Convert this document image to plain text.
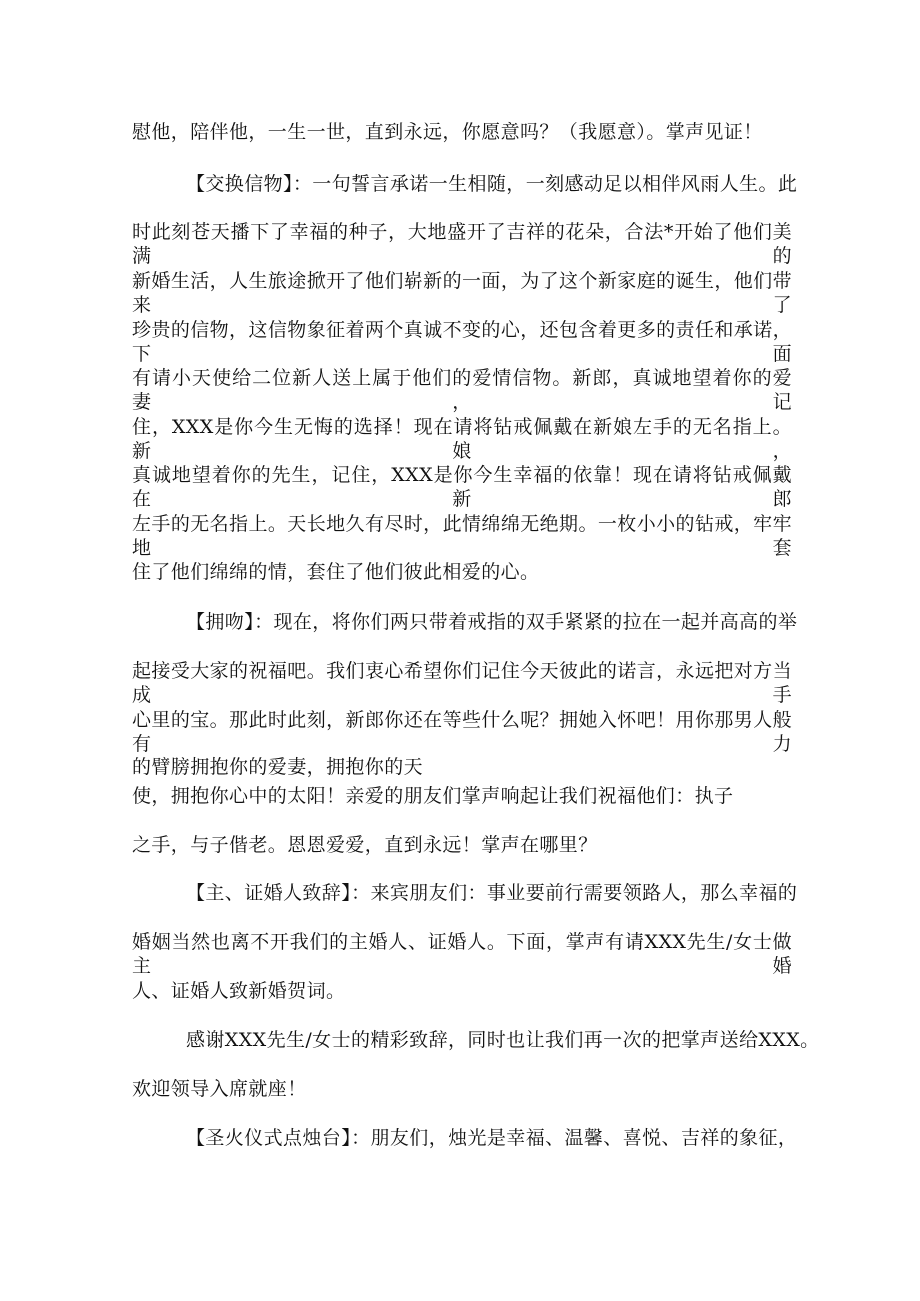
慰他，陪伴他，一生一世，直到永远，你愿意吗？（我愿意）。掌声见证！
【交换信物】：一句誓言承诺一生相随，一刻感动足以相伴风雨人生。此
时此刻苍天播下了幸福的种子，大地盛开了吉祥的花朵，合法*开始了他们美满的
新婚生活，人生旅途掀开了他们崭新的一面，为了这个新家庭的诞生，他们带来了
珍贵的信物，这信物象征着两个真诚不变的心，还包含着更多的责任和承诺，下面
有请小天使给二位新人送上属于他们的爱情信物。新郎，真诚地望着你的爱妻，记
住，XXX是你今生无悔的选择！现在请将钻戒佩戴在新娘左手的无名指上。新娘，
真诚地望着你的先生，记住，XXX是你今生幸福的依靠！现在请将钻戒佩戴在新郎
左手的无名指上。天长地久有尽时，此情绵绵无绝期。一枚小小的钻戒，牢牢地套
住了他们绵绵的情，套住了他们彼此相爱的心。
【拥吻】：现在，将你们两只带着戒指的双手紧紧的拉在一起并高高的举
起接受大家的祝福吧。我们衷心希望你们记住今天彼此的诺言，永远把对方当成手
心里的宝。那此时此刻，新郎你还在等些什么呢？拥她入怀吧！用你那男人般有力
的臂膀拥抱你的爱妻，拥抱你的天
使，拥抱你心中的太阳！亲爱的朋友们掌声响起让我们祝福他们：执子
之手，与子偕老。恩恩爱爱，直到永远！掌声在哪里？
【主、证婚人致辞】：来宾朋友们：事业要前行需要领路人，那么幸福的
婚姻当然也离不开我们的主婚人、证婚人。下面，掌声有请XXX先生/女士做主婚
人、证婚人致新婚贺词。
感谢XXX先生/女士的精彩致辞，同时也让我们再一次的把掌声送给XXX。
欢迎领导入席就座！
【圣火仪式点烛台】：朋友们，烛光是幸福、温馨、喜悦、吉祥的象征，
